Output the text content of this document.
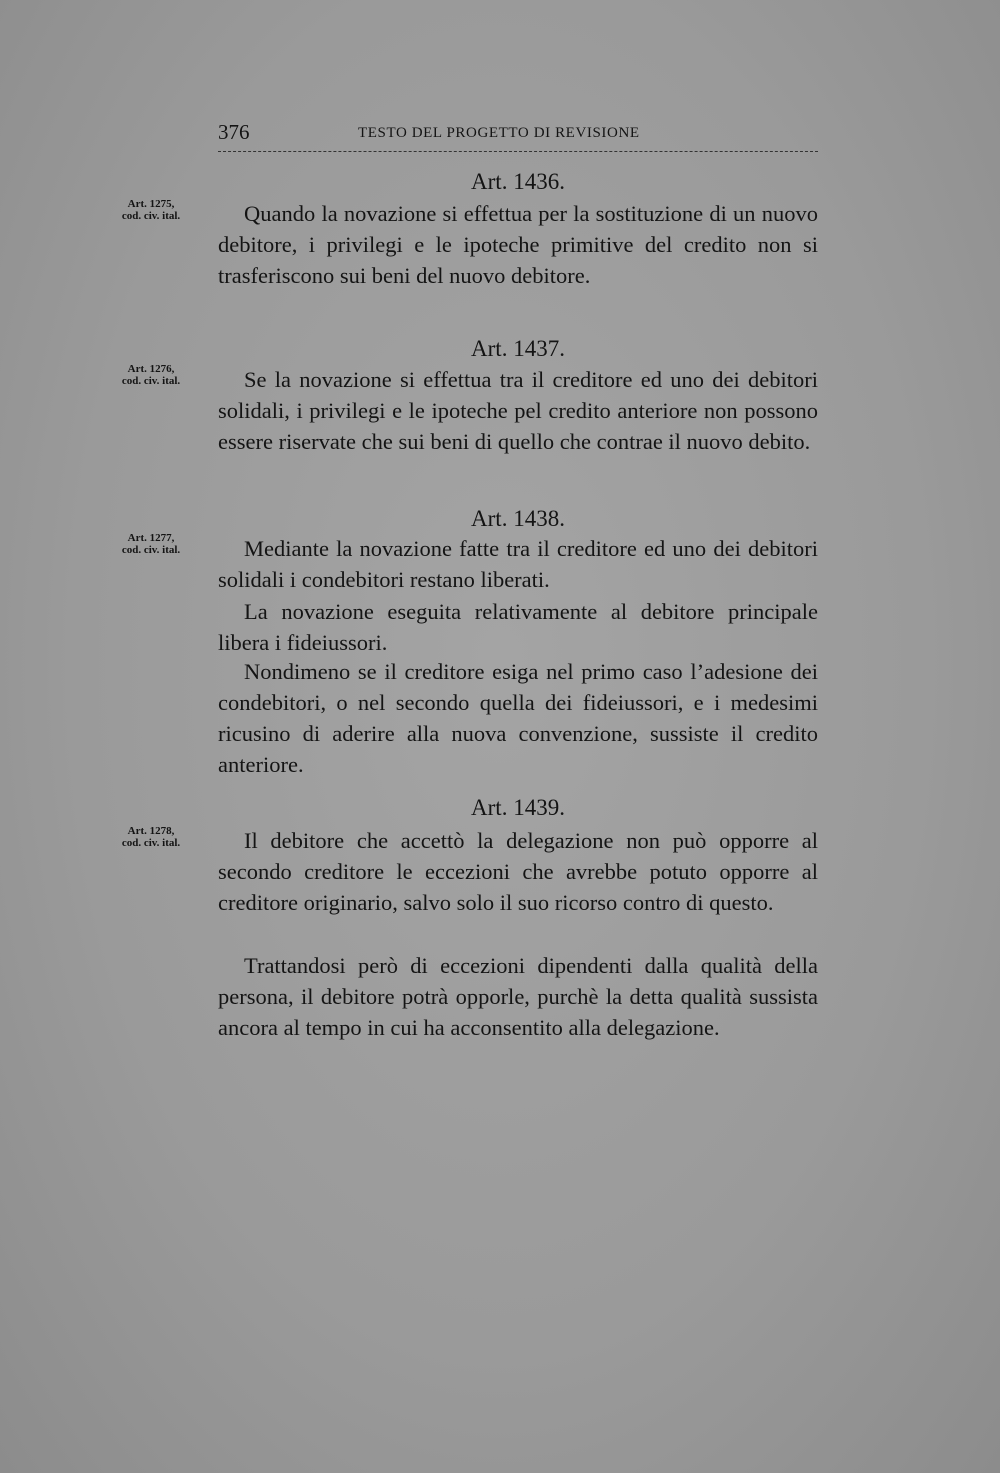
376	TESTO DEL PROGETTO DI REVISIONE
Art. 1436.
Art. 1275,
cod. civ. ital.	Quando la novazione si effettua per la sostituzione di un nuovo debitore, i privilegi e le ipoteche primitive del credito non si trasferiscono sui beni del nuovo debitore.

Art. 1437.
Art. 1276,
cod. civ. ital.	Se la novazione si effettua tra il creditore ed uno dei debitori solidali, i privilegi e le ipoteche pel credito anteriore non possono essere riservate che sui beni di quello che contrae il nuovo debito.

Art. 1438.
Art. 1277,
cod. civ. ital.	Mediante la novazione fatte tra il creditore ed uno dei debitori solidali i condebitori restano liberati.

La novazione eseguita relativamente al debitore principale libera i fideiussori.

Nondimeno se il creditore esiga nel primo caso l’adesione dei condebitori, o nel secondo quella dei fideiussori, e i medesimi ricusino di aderire alla nuova convenzione, sussiste il credito anteriore.

Art. 1439.
Art. 1278,
cod. civ. ital.	Il debitore che accettò la delegazione non può opporre al secondo creditore le eccezioni che avrebbe potuto opporre al creditore originario, salvo solo il suo ricorso contro di questo.

Trattandosi però di eccezioni dipendenti dalla qualità della persona, il debitore potrà opporle, purchè la detta qualità sussista ancora al tempo in cui ha acconsentito alla delegazione.
